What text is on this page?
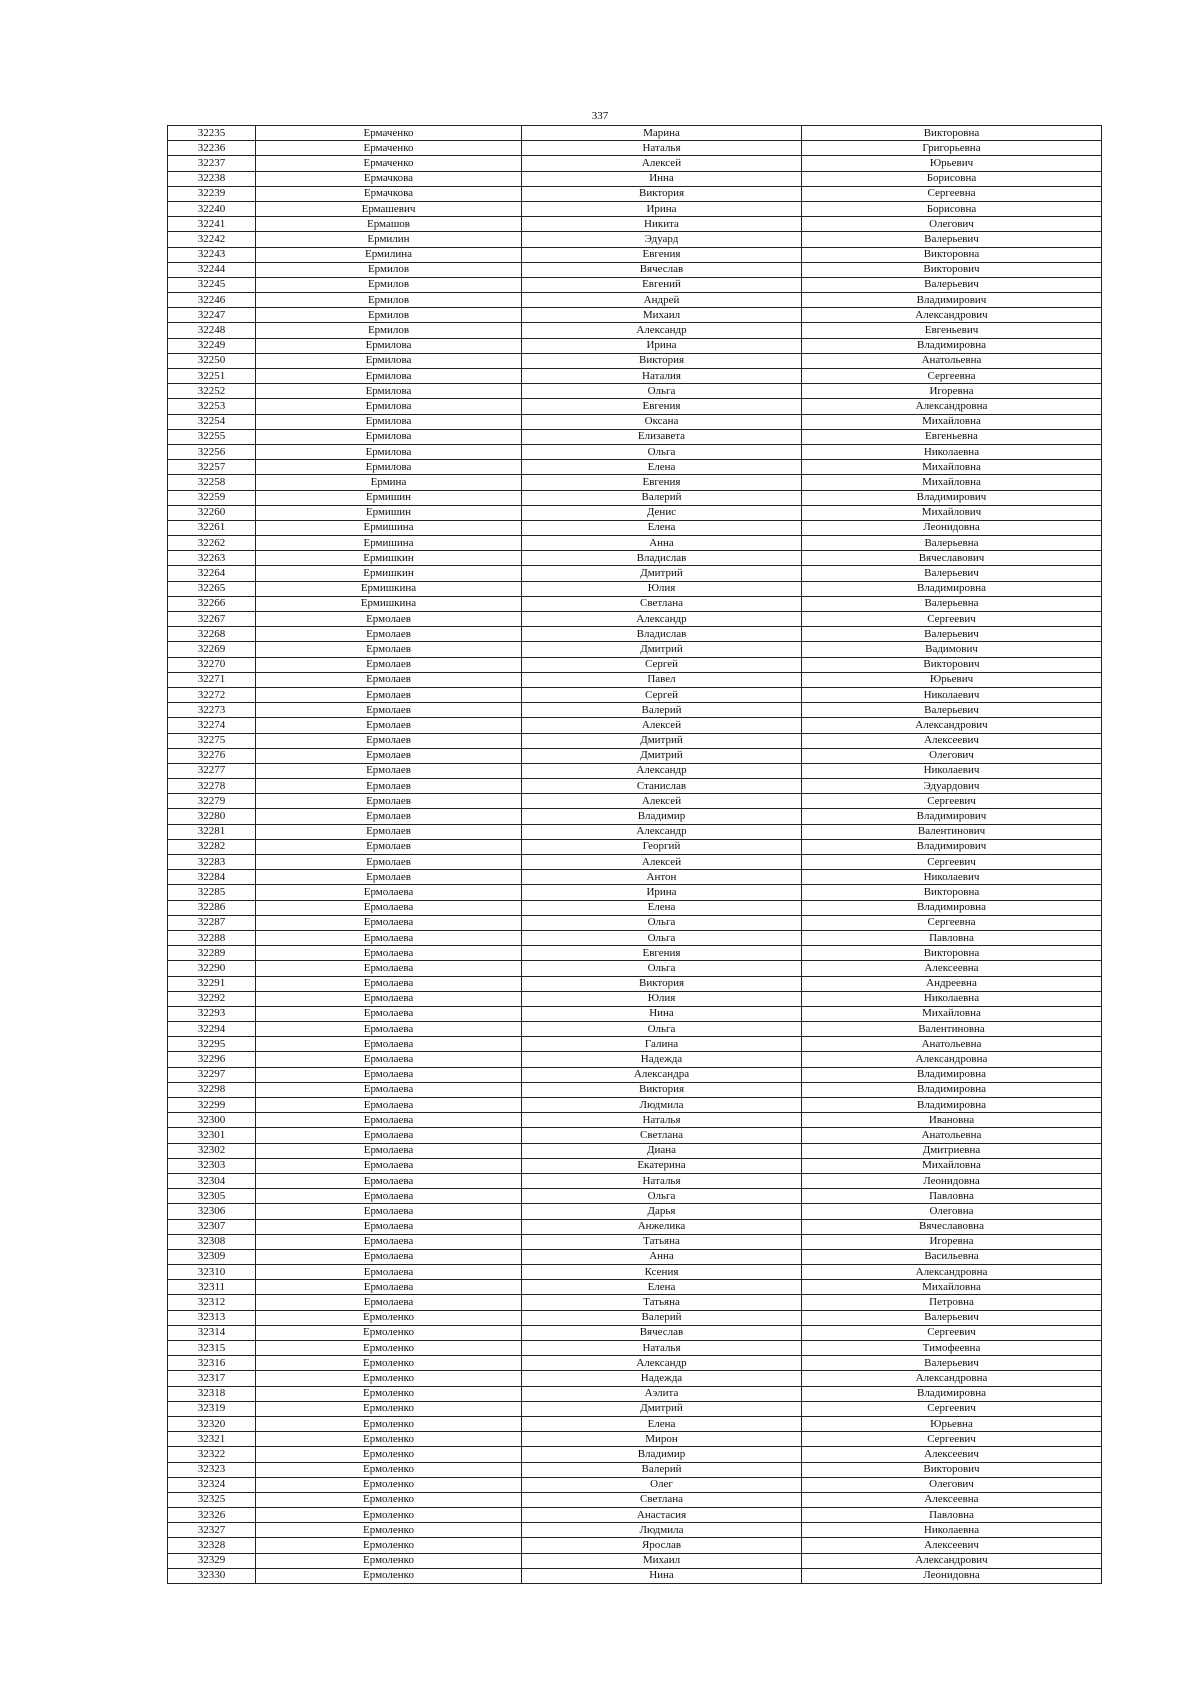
337
32235	Ермаченко	Марина	Викторовна
32236	Ермаченко	Наталья	Григорьевна
32237	Ермаченко	Алексей	Юрьевич
32238	Ермачкова	Инна	Борисовна
32239	Ермачкова	Виктория	Сергеевна
32240	Ермашевич	Ирина	Борисовна
32241	Ермашов	Никита	Олегович
32242	Ермилин	Эдуард	Валерьевич
32243	Ермилина	Евгения	Викторовна
32244	Ермилов	Вячеслав	Викторович
32245	Ермилов	Евгений	Валерьевич
32246	Ермилов	Андрей	Владимирович
32247	Ермилов	Михаил	Александрович
32248	Ермилов	Александр	Евгеньевич
32249	Ермилова	Ирина	Владимировна
32250	Ермилова	Виктория	Анатольевна
32251	Ермилова	Наталия	Сергеевна
32252	Ермилова	Ольга	Игоревна
32253	Ермилова	Евгения	Александровна
32254	Ермилова	Оксана	Михайловна
32255	Ермилова	Елизавета	Евгеньевна
32256	Ермилова	Ольга	Николаевна
32257	Ермилова	Елена	Михайловна
32258	Ермина	Евгения	Михайловна
32259	Ермишин	Валерий	Владимирович
32260	Ермишин	Денис	Михайлович
32261	Ермишина	Елена	Леонидовна
32262	Ермишина	Анна	Валерьевна
32263	Ермишкин	Владислав	Вячеславович
32264	Ермишкин	Дмитрий	Валерьевич
32265	Ермишкина	Юлия	Владимировна
32266	Ермишкина	Светлана	Валерьевна
32267	Ермолаев	Александр	Сергеевич
32268	Ермолаев	Владислав	Валерьевич
32269	Ермолаев	Дмитрий	Вадимович
32270	Ермолаев	Сергей	Викторович
32271	Ермолаев	Павел	Юрьевич
32272	Ермолаев	Сергей	Николаевич
32273	Ермолаев	Валерий	Валерьевич
32274	Ермолаев	Алексей	Александрович
32275	Ермолаев	Дмитрий	Алексеевич
32276	Ермолаев	Дмитрий	Олегович
32277	Ермолаев	Александр	Николаевич
32278	Ермолаев	Станислав	Эдуардович
32279	Ермолаев	Алексей	Сергеевич
32280	Ермолаев	Владимир	Владимирович
32281	Ермолаев	Александр	Валентинович
32282	Ермолаев	Георгий	Владимирович
32283	Ермолаев	Алексей	Сергеевич
32284	Ермолаев	Антон	Николаевич
32285	Ермолаева	Ирина	Викторовна
32286	Ермолаева	Елена	Владимировна
32287	Ермолаева	Ольга	Сергеевна
32288	Ермолаева	Ольга	Павловна
32289	Ермолаева	Евгения	Викторовна
32290	Ермолаева	Ольга	Алексеевна
32291	Ермолаева	Виктория	Андреевна
32292	Ермолаева	Юлия	Николаевна
32293	Ермолаева	Нина	Михайловна
32294	Ермолаева	Ольга	Валентиновна
32295	Ермолаева	Галина	Анатольевна
32296	Ермолаева	Надежда	Александровна
32297	Ермолаева	Александра	Владимировна
32298	Ермолаева	Виктория	Владимировна
32299	Ермолаева	Людмила	Владимировна
32300	Ермолаева	Наталья	Ивановна
32301	Ермолаева	Светлана	Анатольевна
32302	Ермолаева	Диана	Дмитриевна
32303	Ермолаева	Екатерина	Михайловна
32304	Ермолаева	Наталья	Леонидовна
32305	Ермолаева	Ольга	Павловна
32306	Ермолаева	Дарья	Олеговна
32307	Ермолаева	Анжелика	Вячеславовна
32308	Ермолаева	Татьяна	Игоревна
32309	Ермолаева	Анна	Васильевна
32310	Ермолаева	Ксения	Александровна
32311	Ермолаева	Елена	Михайловна
32312	Ермолаева	Татьяна	Петровна
32313	Ермоленко	Валерий	Валерьевич
32314	Ермоленко	Вячеслав	Сергеевич
32315	Ермоленко	Наталья	Тимофеевна
32316	Ермоленко	Александр	Валерьевич
32317	Ермоленко	Надежда	Александровна
32318	Ермоленко	Аэлита	Владимировна
32319	Ермоленко	Дмитрий	Сергеевич
32320	Ермоленко	Елена	Юрьевна
32321	Ермоленко	Мирон	Сергеевич
32322	Ермоленко	Владимир	Алексеевич
32323	Ермоленко	Валерий	Викторович
32324	Ермоленко	Олег	Олегович
32325	Ермоленко	Светлана	Алексеевна
32326	Ермоленко	Анастасия	Павловна
32327	Ермоленко	Людмила	Николаевна
32328	Ермоленко	Ярослав	Алексеевич
32329	Ермоленко	Михаил	Александрович
32330	Ермоленко	Нина	Леонидовна
